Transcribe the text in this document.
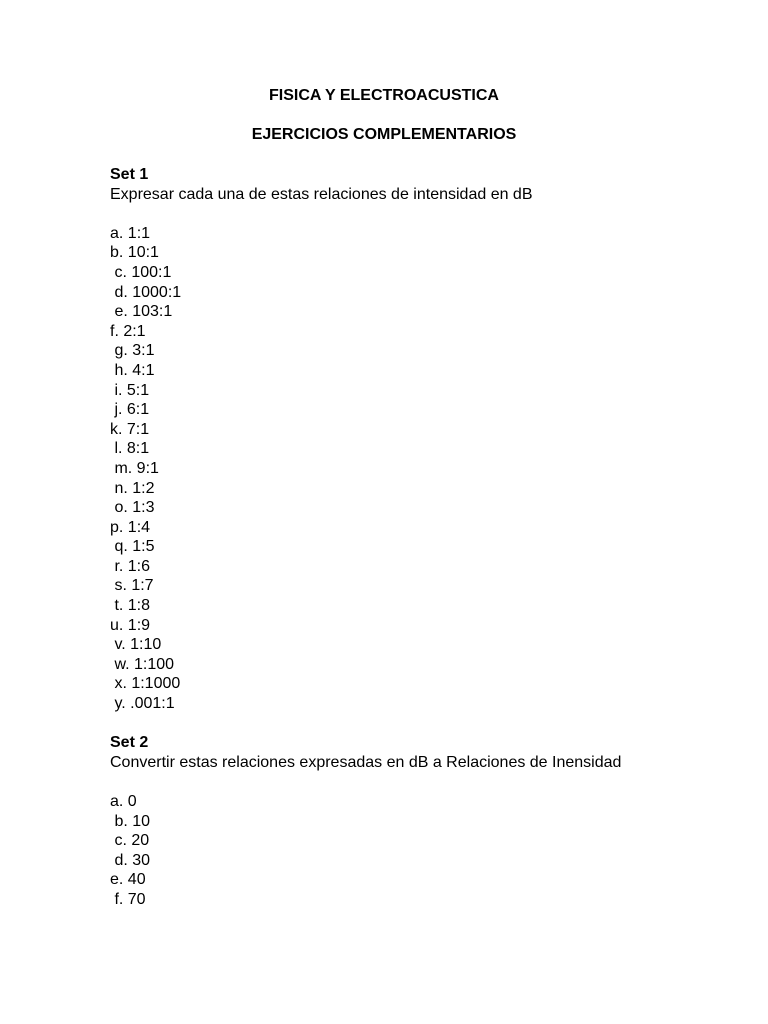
FISICA Y ELECTROACUSTICA
EJERCICIOS COMPLEMENTARIOS
Set 1
Expresar cada una de estas relaciones de intensidad en dB
a. 1:1
b. 10:1
c. 100:1
d. 1000:1
e. 103:1
f. 2:1
g. 3:1
h. 4:1
i. 5:1
j. 6:1
k. 7:1
l. 8:1
m. 9:1
n. 1:2
o. 1:3
p. 1:4
q. 1:5
r. 1:6
s. 1:7
t. 1:8
u. 1:9
v. 1:10
w. 1:100
x. 1:1000
y. .001:1
Set 2
Convertir estas relaciones expresadas en dB a Relaciones de Inensidad
a. 0
b. 10
c. 20
d. 30
e. 40
f. 70
